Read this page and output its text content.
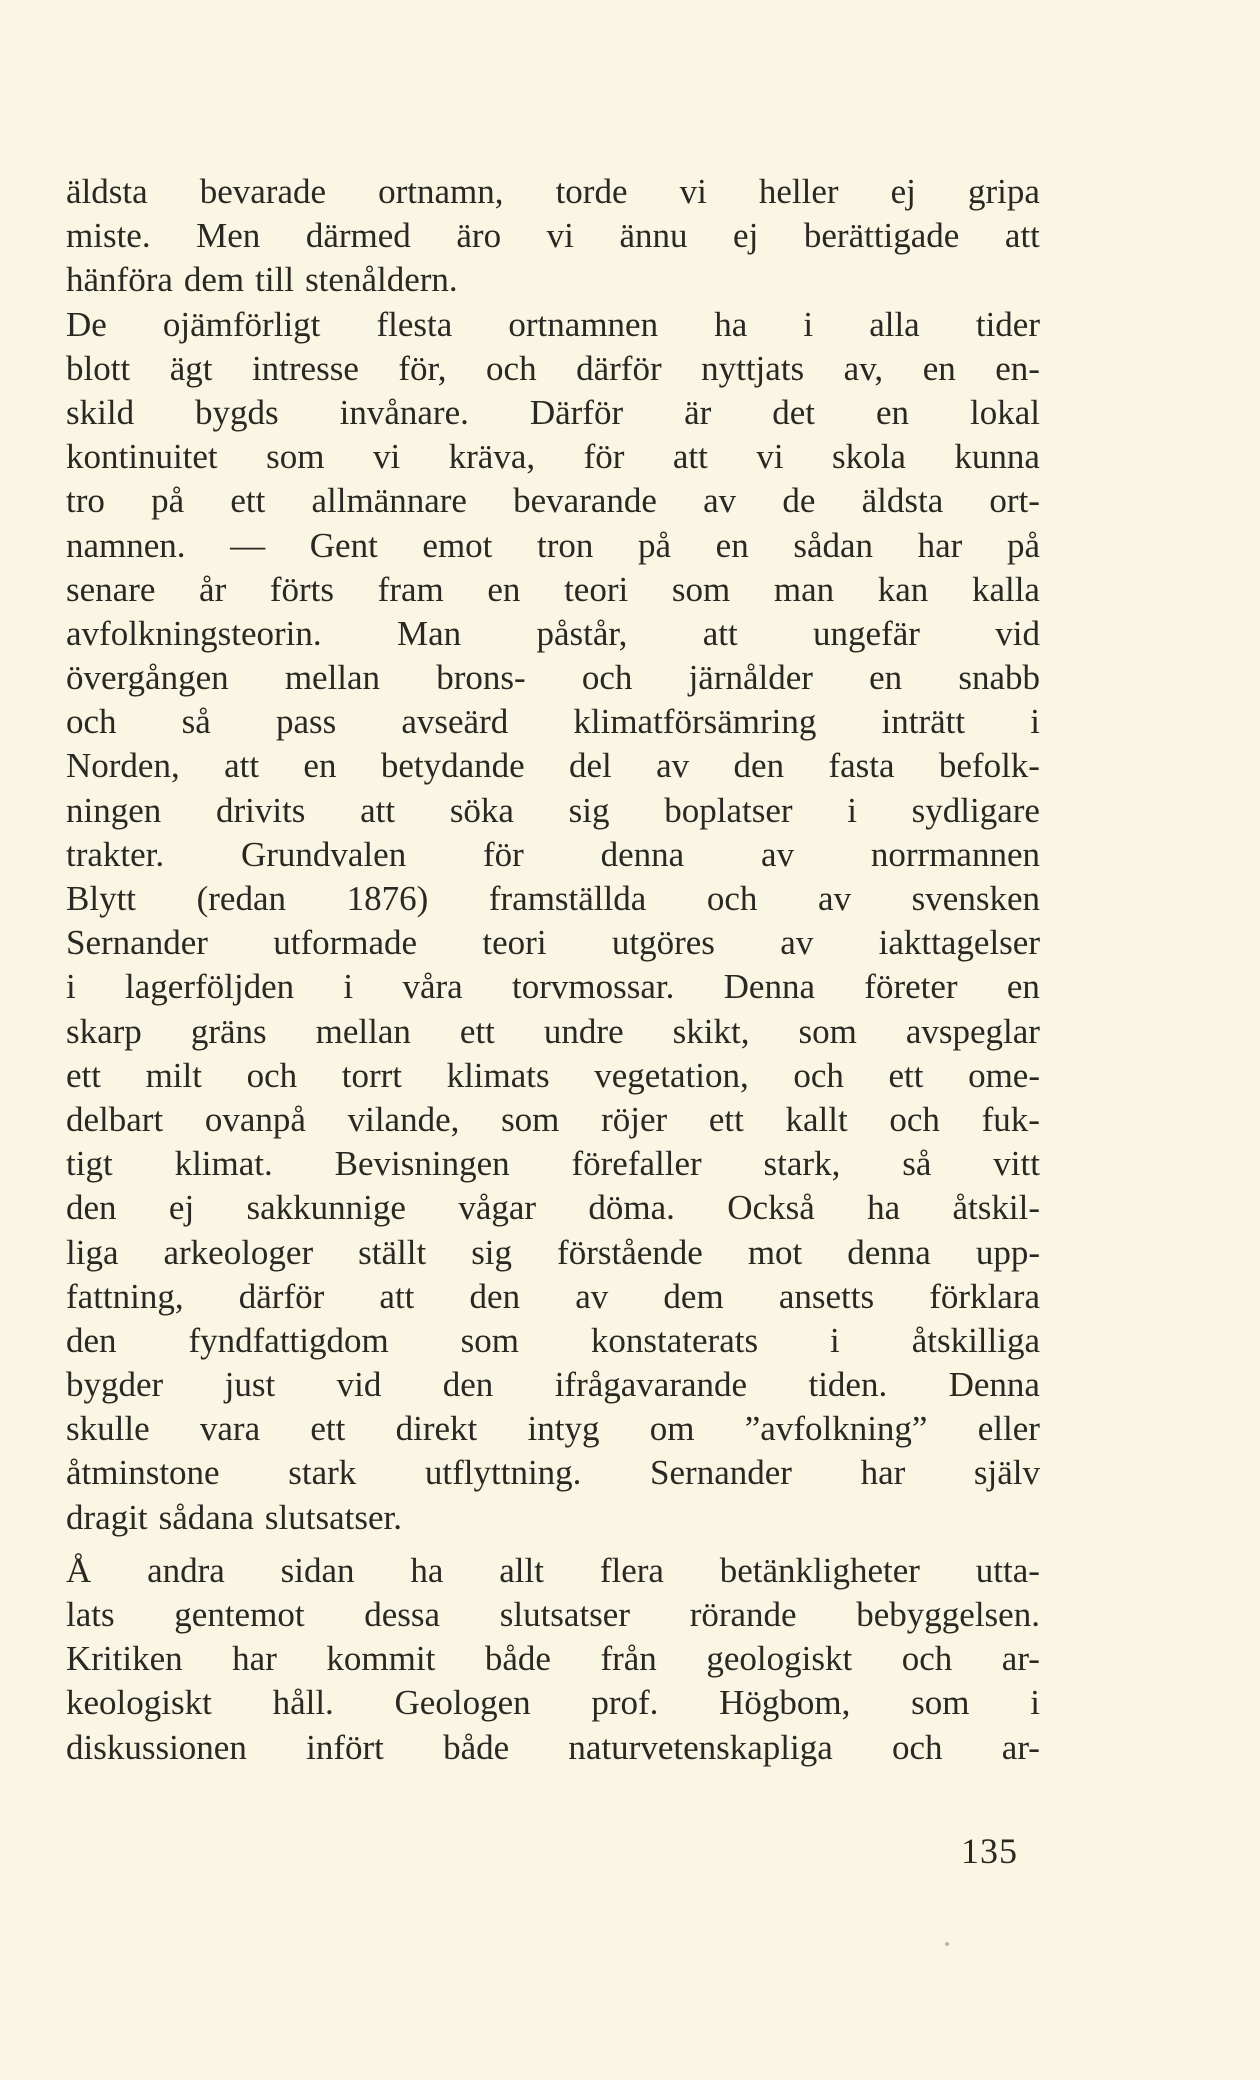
äldsta bevarade ortnamn, torde vi heller ej gripa
miste. Men därmed äro vi ännu ej berättigade att
hänföra dem till stenåldern.
De ojämförligt flesta ortnamnen ha i alla tider
blott ägt intresse för, och därför nyttjats av, en en-
skild bygds invånare. Därför är det en lokal
kontinuitet som vi kräva, för att vi skola kunna
tro på ett allmännare bevarande av de äldsta ort-
namnen. — Gent emot tron på en sådan har på
senare år förts fram en teori som man kan kalla
avfolkningsteorin. Man påstår, att ungefär vid
övergången mellan brons- och järnålder en snabb
och så pass avseärd klimatförsämring inträtt i
Norden, att en betydande del av den fasta befolk-
ningen drivits att söka sig boplatser i sydligare
trakter. Grundvalen för denna av norrmannen
Blytt (redan 1876) framställda och av svensken
Sernander utformade teori utgöres av iakttagelser
i lagerföljden i våra torvmossar. Denna företer en
skarp gräns mellan ett undre skikt, som avspeglar
ett milt och torrt klimats vegetation, och ett ome-
delbart ovanpå vilande, som röjer ett kallt och fuk-
tigt klimat. Bevisningen förefaller stark, så vitt
den ej sakkunnige vågar döma. Också ha åtskil-
liga arkeologer ställt sig förstående mot denna upp-
fattning, därför att den av dem ansetts förklara
den fyndfattigdom som konstaterats i åtskilliga
bygder just vid den ifrågavarande tiden. Denna
skulle vara ett direkt intyg om ”avfolkning” eller
åtminstone stark utflyttning. Sernander har själv
dragit sådana slutsatser.
Å andra sidan ha allt flera betänkligheter utta-
lats gentemot dessa slutsatser rörande bebyggelsen.
Kritiken har kommit både från geologiskt och ar-
keologiskt håll. Geologen prof. Högbom, som i
diskussionen infört både naturvetenskapliga och ar-
135
